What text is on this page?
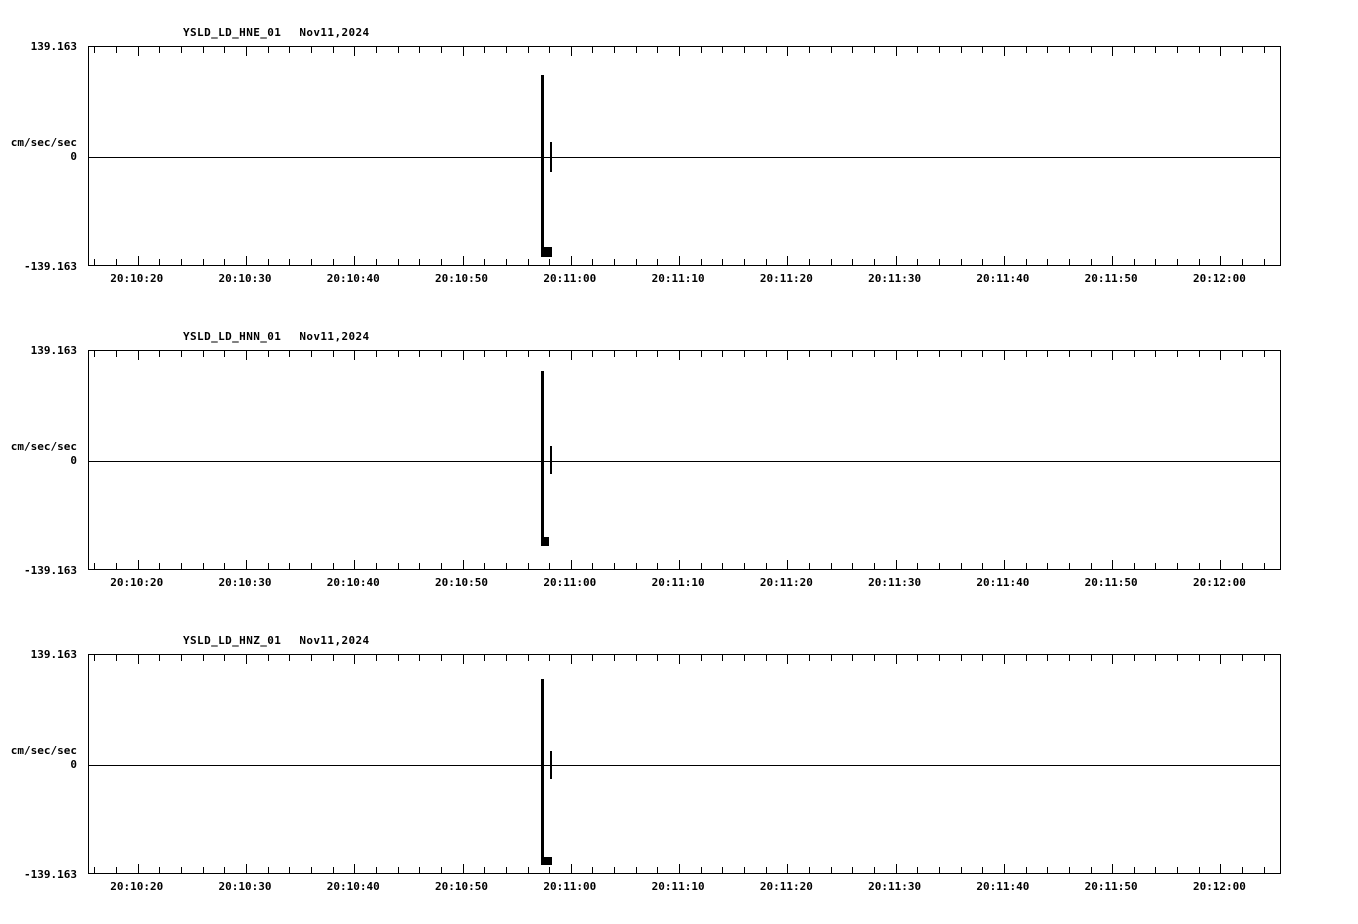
YSLD_LD_HNE_01 Nov11,2024
139.163
cm/sec/sec
0
-139.163
20:10:20	20:10:30	20:10:40	20:10:50	20:11:00	20:11:10	20:11:20	20:11:30	20:11:40	20:11:50	20:12:00
YSLD_LD_HNN_01 Nov11,2024
139.163
cm/sec/sec
0
-139.163
20:10:20	20:10:30	20:10:40	20:10:50	20:11:00	20:11:10	20:11:20	20:11:30	20:11:40	20:11:50	20:12:00
YSLD_LD_HNZ_01 Nov11,2024
139.163
cm/sec/sec
0
-139.163
20:10:20	20:10:30	20:10:40	20:10:50	20:11:00	20:11:10	20:11:20	20:11:30	20:11:40	20:11:50	20:12:00
